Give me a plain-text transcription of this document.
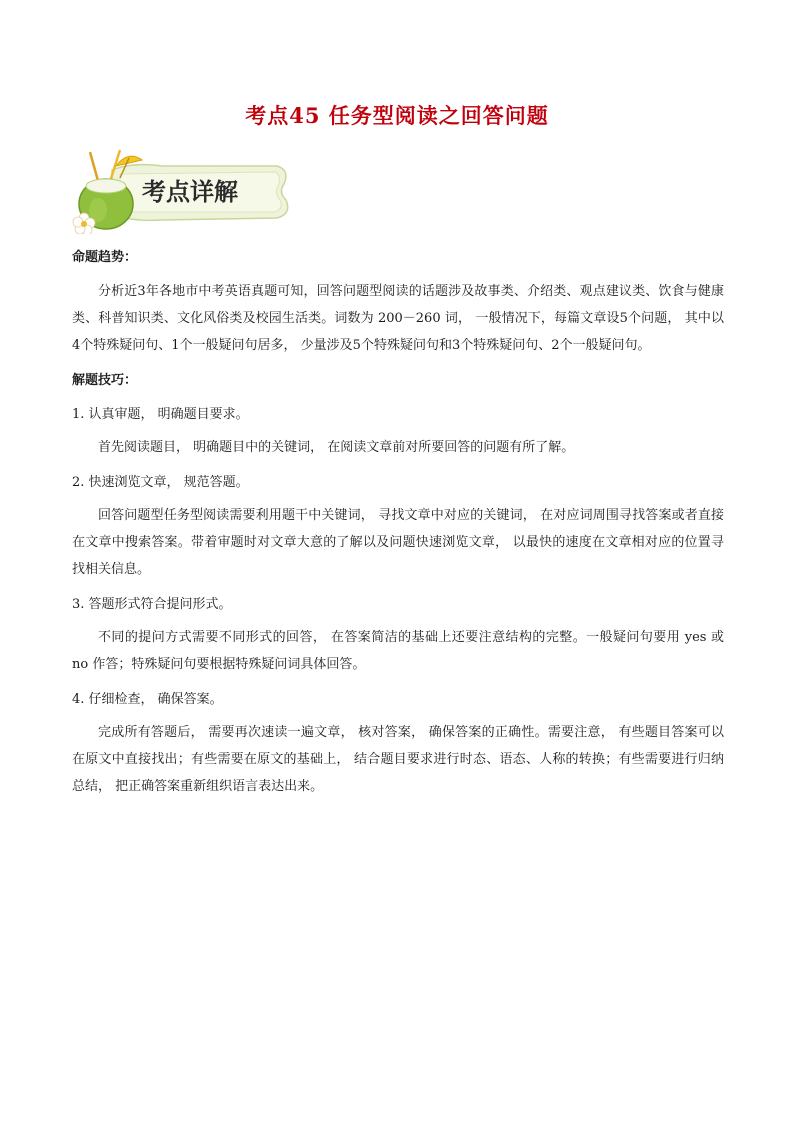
考点45 任务型阅读之回答问题
考点详解

命题趋势：

分析近3年各地市中考英语真题可知，回答问题型阅读的话题涉及故事类、介绍类、观点建议类、饮食与健康类、科普知识类、文化风俗类及校园生活类。词数为 200－260 词， 一般情况下，每篇文章设5个问题， 其中以4个特殊疑问句、1个一般疑问句居多， 少量涉及5个特殊疑问句和3个特殊疑问句、2个一般疑问句。

解题技巧：

1. 认真审题， 明确题目要求。

首先阅读题目， 明确题目中的关键词， 在阅读文章前对所要回答的问题有所了解。

2. 快速浏览文章， 规范答题。

回答问题型任务型阅读需要利用题干中关键词， 寻找文章中对应的关键词， 在对应词周围寻找答案或者直接在文章中搜索答案。带着审题时对文章大意的了解以及问题快速浏览文章， 以最快的速度在文章相对应的位置寻找相关信息。

3. 答题形式符合提问形式。

不同的提问方式需要不同形式的回答， 在答案简洁的基础上还要注意结构的完整。一般疑问句要用 yes 或 no 作答；特殊疑问句要根据特殊疑问词具体回答。

4. 仔细检查， 确保答案。

完成所有答题后， 需要再次速读一遍文章， 核对答案， 确保答案的正确性。需要注意， 有些题目答案可以在原文中直接找出；有些需要在原文的基础上， 结合题目要求进行时态、语态、人称的转换；有些需要进行归纳总结， 把正确答案重新组织语言表达出来。
